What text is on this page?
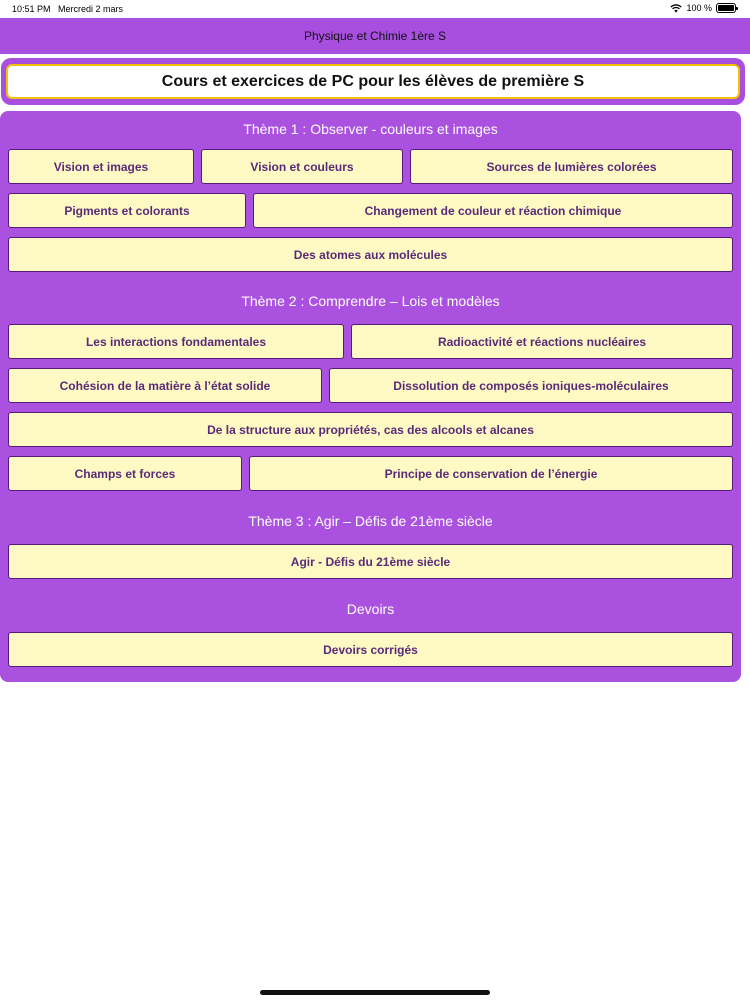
10:51 PM Mercredi 2 mars	100 %
Physique et Chimie 1ère S
Cours et exercices de PC pour les élèves de première S
Thème 1 : Observer - couleurs et images
Vision et images	Vision et couleurs	Sources de lumières colorées
Pigments et colorants	Changement de couleur et réaction chimique
Des atomes aux molécules
Thème 2 : Comprendre – Lois et modèles
Les interactions fondamentales	Radioactivité et réactions nucléaires
Cohésion de la matière à l’état solide	Dissolution de composés ioniques-moléculaires
De la structure aux propriétés, cas des alcools et alcanes
Champs et forces	Principe de conservation de l’énergie
Thème 3 : Agir – Défis de 21ème siècle
Agir - Défis du 21ème siècle
Devoirs
Devoirs corrigés
